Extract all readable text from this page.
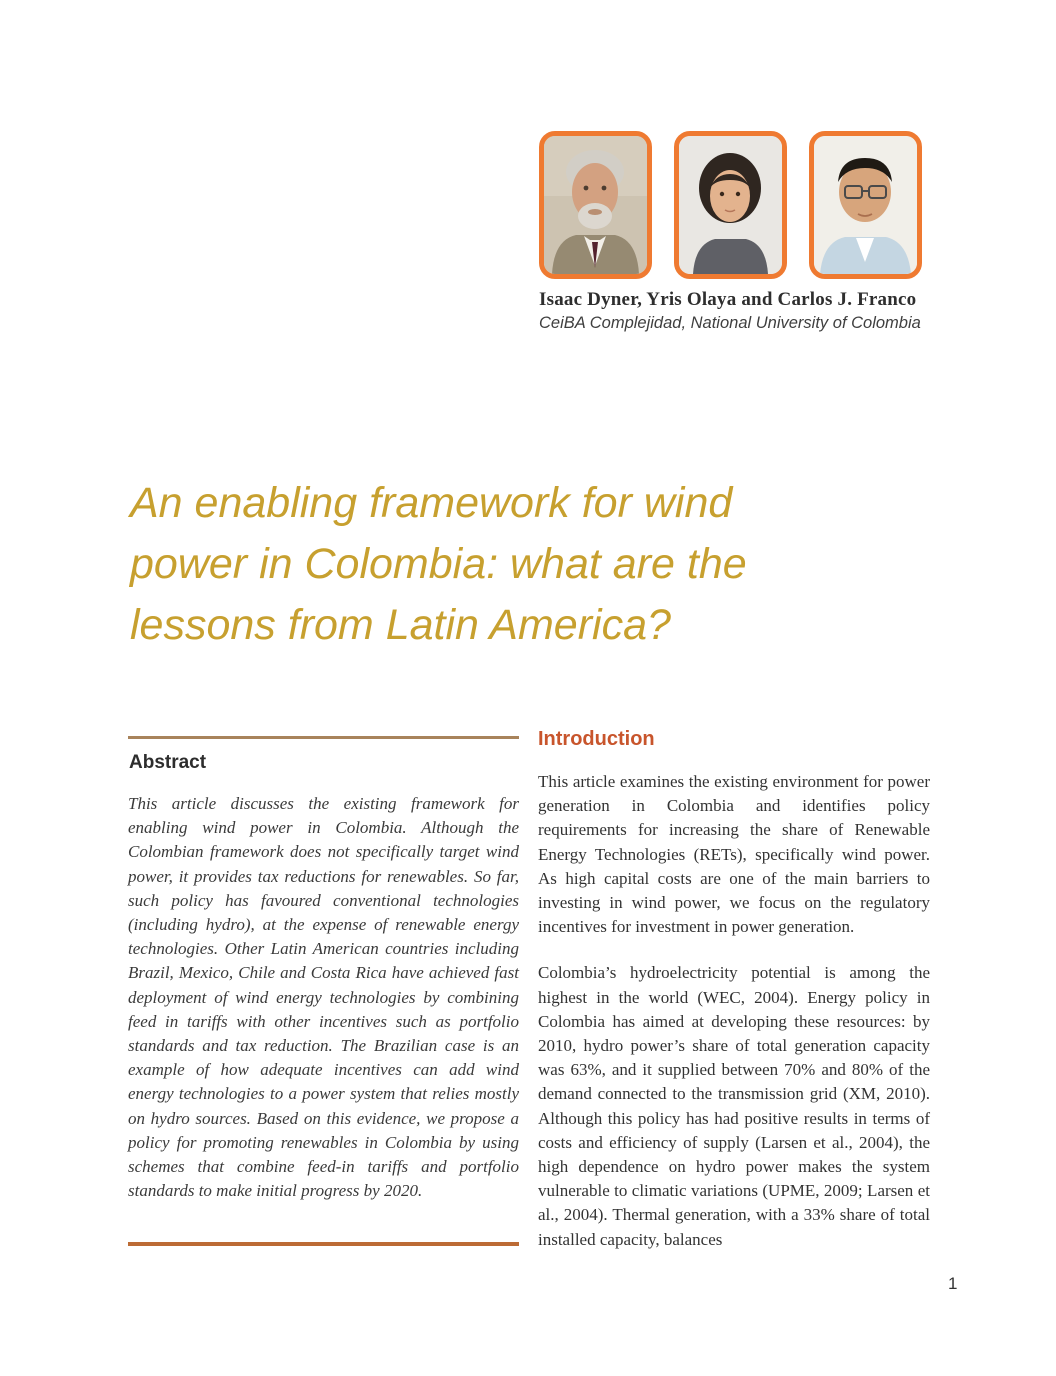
Isaac Dyner, Yris Olaya and Carlos J. Franco
CeiBA Complejidad, National University of Colombia
An enabling framework for wind
power in Colombia: what are the
lessons from Latin America?
Abstract
This article discusses the existing framework for enabling wind power in Colombia. Although the Colombian framework does not specifically target wind power, it provides tax reductions for renewables. So far, such policy has favoured conventional technologies (including hydro), at the expense of renewable energy technologies. Other Latin American countries including Brazil, Mexico, Chile and Costa Rica have achieved fast deployment of wind energy technologies by combining feed in tariffs with other incentives such as portfolio standards and tax reduction. The Brazilian case is an example of how adequate incentives can add wind energy technologies to a power system that relies mostly on hydro sources. Based on this evidence, we propose a policy for promoting renewables in Colombia by using schemes that combine feed-in tariffs and portfolio standards to make initial progress by 2020.
Introduction

This article examines the existing environment for power generation in Colombia and identifies policy requirements for increasing the share of Renewable Energy Technologies (RETs), specifically wind power. As high capital costs are one of the main barriers to investing in wind power, we focus on the regulatory incentives for investment in power generation.

Colombia’s hydroelectricity potential is among the highest in the world (WEC, 2004). Energy policy in Colombia has aimed at developing these resources: by 2010, hydro power’s share of total generation capacity was 63%, and it supplied between 70% and 80% of the demand connected to the transmission grid (XM, 2010). Although this policy has had positive results in terms of costs and efficiency of supply (Larsen et al., 2004), the high dependence on hydro power makes the system vulnerable to climatic variations (UPME, 2009; Larsen et al., 2004). Thermal generation, with a 33% share of total installed capacity, balances

1
